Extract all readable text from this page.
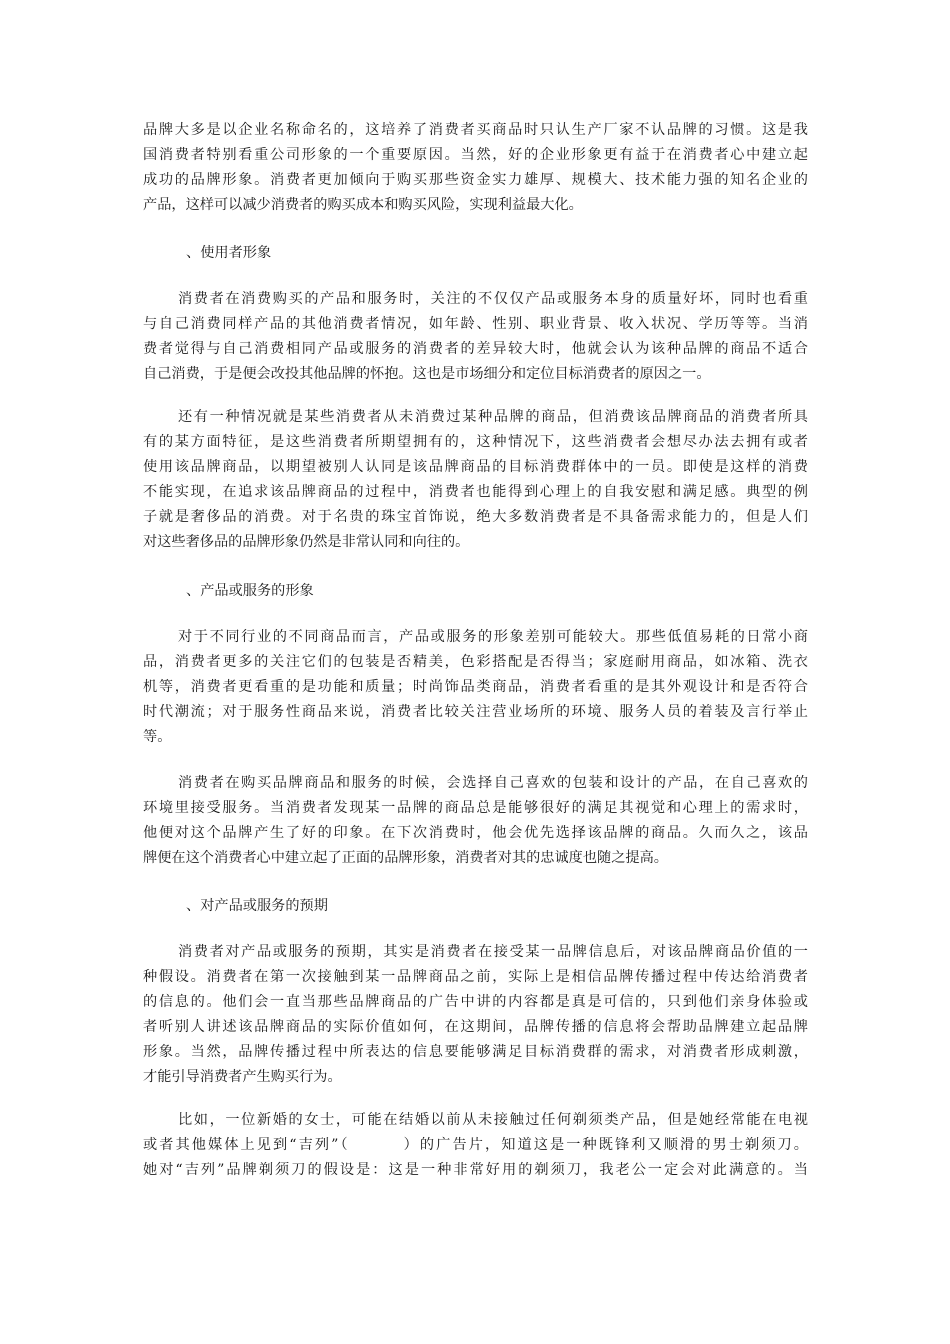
品牌大多是以企业名称命名的，这培养了消费者买商品时只认生产厂家不认品牌的习惯。这是我
国消费者特别看重公司形象的一个重要原因。当然，好的企业形象更有益于在消费者心中建立起
成功的品牌形象。消费者更加倾向于购买那些资金实力雄厚、规模大、技术能力强的知名企业的
产品，这样可以减少消费者的购买成本和购买风险，实现利益最大化。
、使用者形象
消费者在消费购买的产品和服务时，关注的不仅仅产品或服务本身的质量好坏，同时也看重
与自己消费同样产品的其他消费者情况，如年龄、性别、职业背景、收入状况、学历等等。当消
费者觉得与自己消费相同产品或服务的消费者的差异较大时，他就会认为该种品牌的商品不适合
自己消费，于是便会改投其他品牌的怀抱。这也是市场细分和定位目标消费者的原因之一。
还有一种情况就是某些消费者从未消费过某种品牌的商品，但消费该品牌商品的消费者所具
有的某方面特征，是这些消费者所期望拥有的，这种情况下，这些消费者会想尽办法去拥有或者
使用该品牌商品，以期望被别人认同是该品牌商品的目标消费群体中的一员。即使是这样的消费
不能实现，在追求该品牌商品的过程中，消费者也能得到心理上的自我安慰和满足感。典型的例
子就是奢侈品的消费。对于名贵的珠宝首饰说，绝大多数消费者是不具备需求能力的，但是人们
对这些奢侈品的品牌形象仍然是非常认同和向往的。
、产品或服务的形象
对于不同行业的不同商品而言，产品或服务的形象差别可能较大。那些低值易耗的日常小商
品，消费者更多的关注它们的包装是否精美，色彩搭配是否得当；家庭耐用商品，如冰箱、洗衣
机等，消费者更看重的是功能和质量；时尚饰品类商品，消费者看重的是其外观设计和是否符合
时代潮流；对于服务性商品来说，消费者比较关注营业场所的环境、服务人员的着装及言行举止
等。
消费者在购买品牌商品和服务的时候，会选择自己喜欢的包装和设计的产品，在自己喜欢的
环境里接受服务。当消费者发现某一品牌的商品总是能够很好的满足其视觉和心理上的需求时，
他便对这个品牌产生了好的印象。在下次消费时，他会优先选择该品牌的商品。久而久之，该品
牌便在这个消费者心中建立起了正面的品牌形象，消费者对其的忠诚度也随之提高。
、对产品或服务的预期
消费者对产品或服务的预期，其实是消费者在接受某一品牌信息后，对该品牌商品价值的一
种假设。消费者在第一次接触到某一品牌商品之前，实际上是相信品牌传播过程中传达给消费者
的信息的。他们会一直当那些品牌商品的广告中讲的内容都是真是可信的，只到他们亲身体验或
者听别人讲述该品牌商品的实际价值如何，在这期间，品牌传播的信息将会帮助品牌建立起品牌
形象。当然，品牌传播过程中所表达的信息要能够满足目标消费群的需求，对消费者形成刺激，
才能引导消费者产生购买行为。
比如，一位新婚的女士，可能在结婚以前从未接触过任何剃须类产品，但是她经常能在电视
或者其他媒体上见到“吉列”（	）的广告片，知道这是一种既锋利又顺滑的男士剃须刀。
她对“吉列”品牌剃须刀的假设是：这是一种非常好用的剃须刀，我老公一定会对此满意的。当
